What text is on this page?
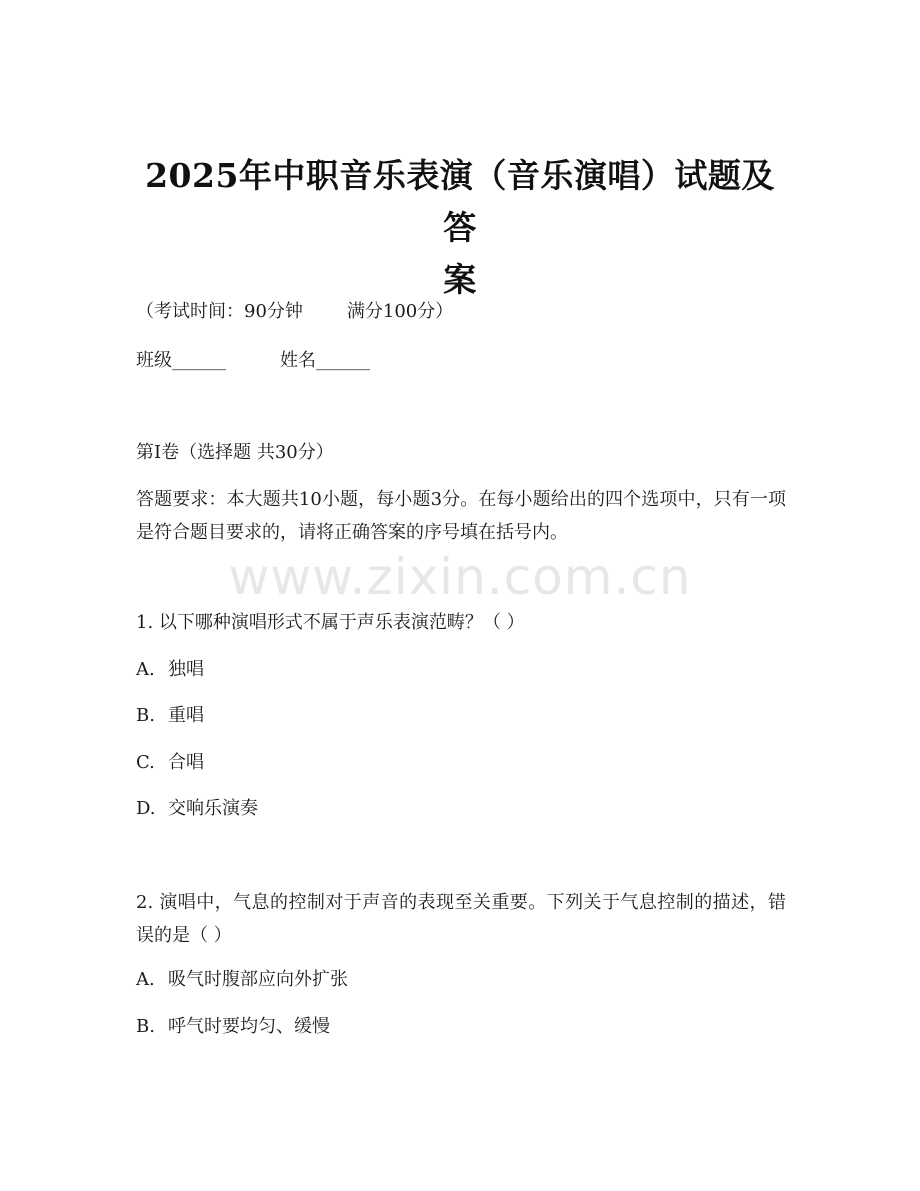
2025年中职音乐表演（音乐演唱）试题及答
案
（考试时间：90分钟 满分100分）
班级______	姓名______
第I卷（选择题 共30分）
答题要求：本大题共10小题，每小题3分。在每小题给出的四个选项中，只有一项是符合题目要求的，请将正确答案的序号填在括号内。
www.zixin.com.cn
1. 以下哪种演唱形式不属于声乐表演范畴？（ ）
A. 独唱
B. 重唱
C. 合唱
D. 交响乐演奏
2. 演唱中，气息的控制对于声音的表现至关重要。下列关于气息控制的描述，错误的是（ ）
A. 吸气时腹部应向外扩张
B. 呼气时要均匀、缓慢
